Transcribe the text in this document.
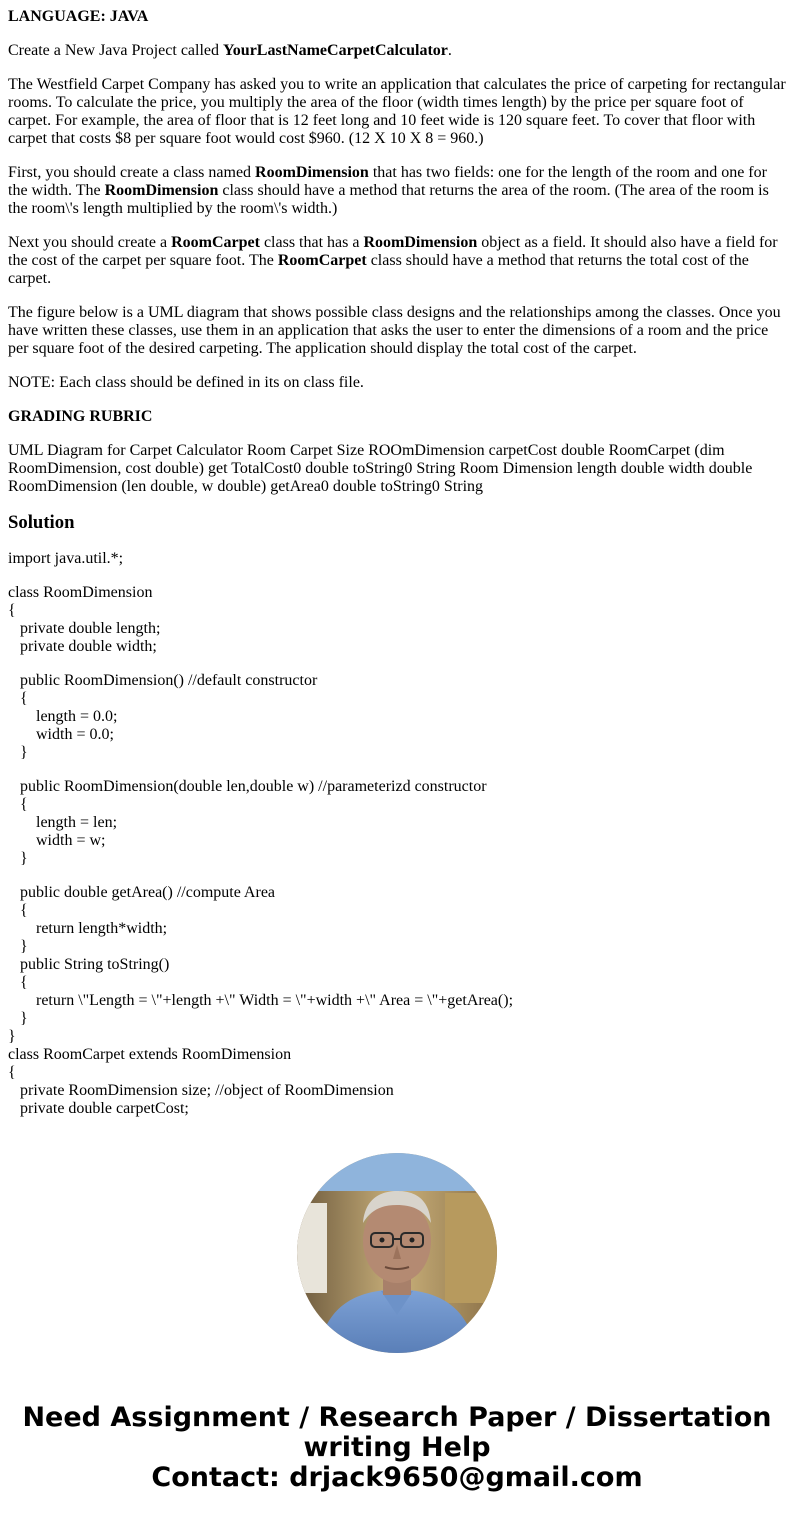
LANGUAGE: JAVA

Create a New Java Project called YourLastNameCarpetCalculator.

The Westfield Carpet Company has asked you to write an application that calculates the price of carpeting for rectangular rooms. To calculate the price, you multiply the area of the floor (width times length) by the price per square foot of carpet. For example, the area of floor that is 12 feet long and 10 feet wide is 120 square feet. To cover that floor with carpet that costs $8 per square foot would cost $960. (12 X 10 X 8 = 960.)

First, you should create a class named RoomDimension that has two fields: one for the length of the room and one for the width. The RoomDimension class should have a method that returns the area of the room. (The area of the room is the room\'s length multiplied by the room\'s width.)

Next you should create a RoomCarpet class that has a RoomDimension object as a field. It should also have a field for the cost of the carpet per square foot. The RoomCarpet class should have a method that returns the total cost of the carpet.

The figure below is a UML diagram that shows possible class designs and the relationships among the classes. Once you have written these classes, use them in an application that asks the user to enter the dimensions of a room and the price per square foot of the desired carpeting. The application should display the total cost of the carpet.

NOTE: Each class should be defined in its on class file.

GRADING RUBRIC

UML Diagram for Carpet Calculator Room Carpet Size ROOmDimension carpetCost double RoomCarpet (dim RoomDimension, cost double) get TotalCost0 double toString0 String Room Dimension length double width double RoomDimension (len double, w double) getArea0 double toString0 String

Solution

import java.util.*;

class RoomDimension
{
private double length;
private double width;
public RoomDimension() //default constructor
{
length = 0.0;
width = 0.0;
}
public RoomDimension(double len,double w) //parameterizd constructor
{
length = len;
width = w;
}
public double getArea() //compute Area
{
return length*width;
}
public String toString()
{
return \"Length = \"+length +\" Width = \"+width +\" Area = \"+getArea();
}
}
class RoomCarpet extends RoomDimension
{
private RoomDimension size; //object of RoomDimension
private double carpetCost;
Need Assignment / Research Paper / Dissertation
writing Help
Contact: drjack9650@gmail.com
